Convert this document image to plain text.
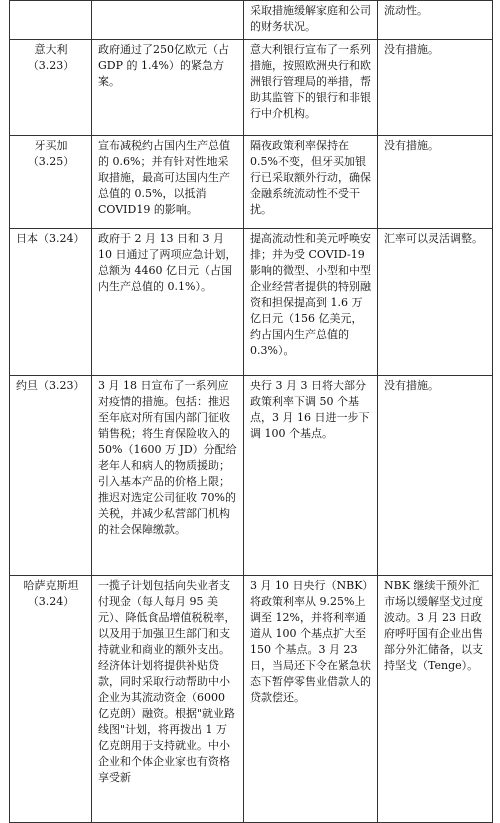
		采取措施缓解家庭和公司的财务状况。	流动性。

意大利
（3.23）	政府通过了250亿欧元（占GDP 的 1.4%）的紧急方案。	意大利银行宣布了一系列措施，按照欧洲央行和欧洲银行管理局的举措，帮助其监管下的银行和非银行中介机构。	没有措施。

牙买加
（3.25）	宣布减税约占国内生产总值的 0.6%；并有针对性地采取措施，最高可达国内生产总值的 0.5%，以抵消 COVID19 的影响。	隔夜政策利率保持在 0.5%不变，但牙买加银行已采取额外行动，确保金融系统流动性不受干扰。	没有措施。
日本（3.24）	政府于 2 月 13 日和 3 月 10 日通过了两项应急计划，总额为 4460 亿日元（占国内生产总值的 0.1%）。	提高流动性和美元呼唤安排；并为受 COVID-19 影响的微型、小型和中型企业经营者提供的特别融资和担保提高到 1.6 万亿日元（156 亿美元，约占国内生产总值的 0.3%）。	汇率可以灵活调整。
约旦（3.23）	3 月 18 日宣布了一系列应对疫情的措施。包括：推迟至年底对所有国内部门征收销售税；将生育保险收入的 50%（1600 万 JD）分配给老年人和病人的物质援助；引入基本产品的价格上限；推迟对选定公司征收 70%的关税，并减少私营部门机构的社会保障缴款。	央行 3 月 3 日将大部分政策利率下调 50 个基点，3 月 16 日进一步下调 100 个基点。	没有措施。

哈萨克斯坦
（3.24）	一揽子计划包括向失业者支付现金（每人每月 95 美元）、降低食品增值税税率，以及用于加强卫生部门和支持就业和商业的额外支出。经济体计划将提供补贴贷款，同时采取行动帮助中小企业为其流动资金（6000 亿克朗）融资。根据"就业路线图"计划，将再拨出 1 万亿克朗用于支持就业。中小企业和个体企业家也有资格享受新	3 月 10 日央行（NBK）将政策利率从 9.25%上调至 12%，并将利率通道从 100 个基点扩大至 150 个基点。3 月 23 日，当局还下令在紧急状态下暂停零售业借款人的贷款偿还。	NBK 继续干预外汇市场以缓解坚戈过度波动。3 月 23 日政府呼吁国有企业出售部分外汇储备，以支持坚戈（Tenge）。
